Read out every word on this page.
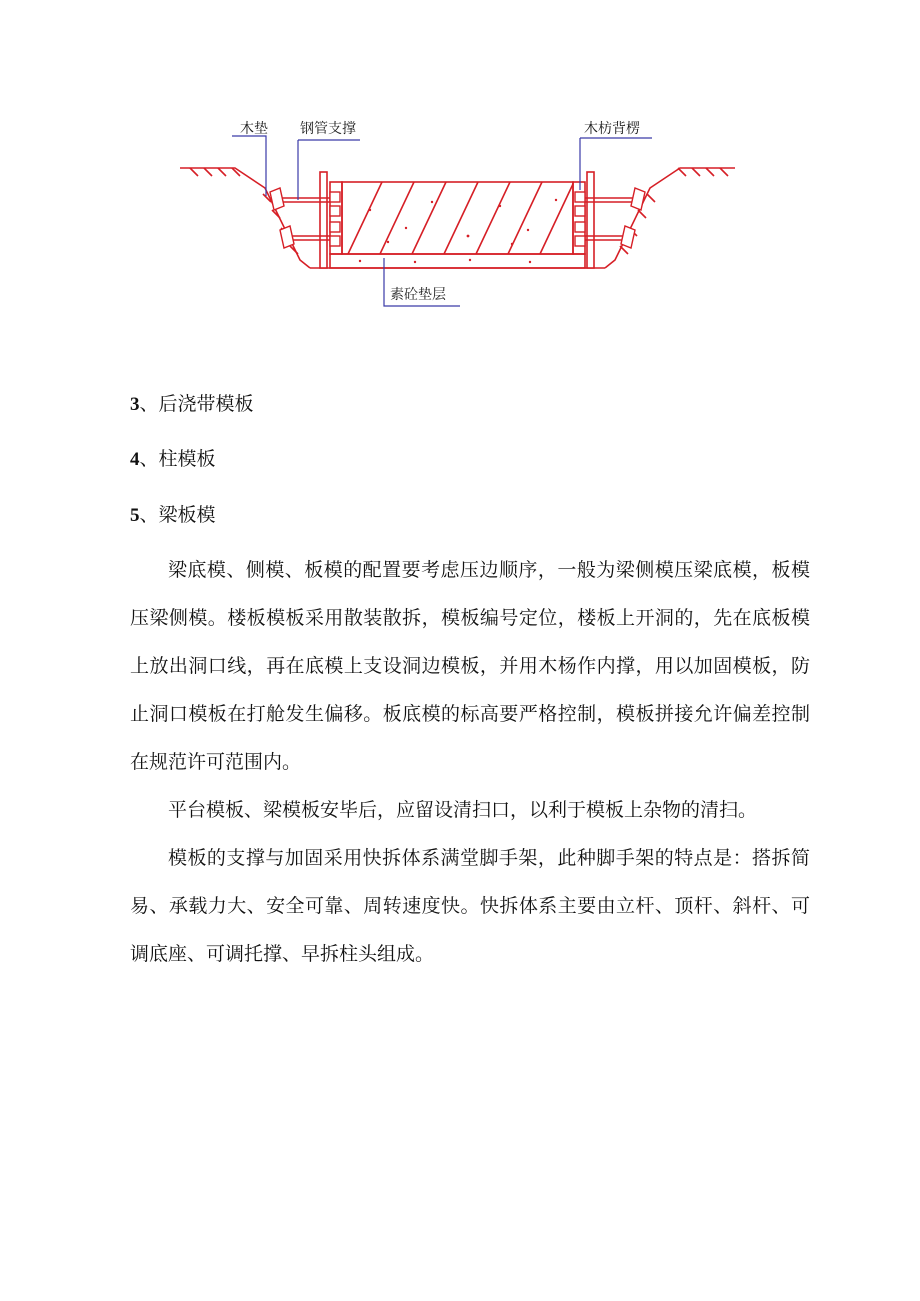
木垫 钢管支撑	木枋背楞
素砼垫层
3、后浇带模板
4、柱模板
5、梁板模

梁底模、侧模、板模的配置要考虑压边顺序，一般为梁侧模压梁底模，板模压梁侧模。楼板模板采用散装散拆，模板编号定位，楼板上开洞的，先在底板模上放出洞口线，再在底模上支设洞边模板，并用木杨作内撑，用以加固模板，防止洞口模板在打舱发生偏移。板底模的标高要严格控制，模板拼接允许偏差控制在规范许可范围内。

平台模板、梁模板安毕后，应留设清扫口，以利于模板上杂物的清扫。

模板的支撑与加固采用快拆体系满堂脚手架，此种脚手架的特点是：搭拆简易、承载力大、安全可靠、周转速度快。快拆体系主要由立杆、顶杆、斜杆、可调底座、可调托撑、早拆柱头组成。
